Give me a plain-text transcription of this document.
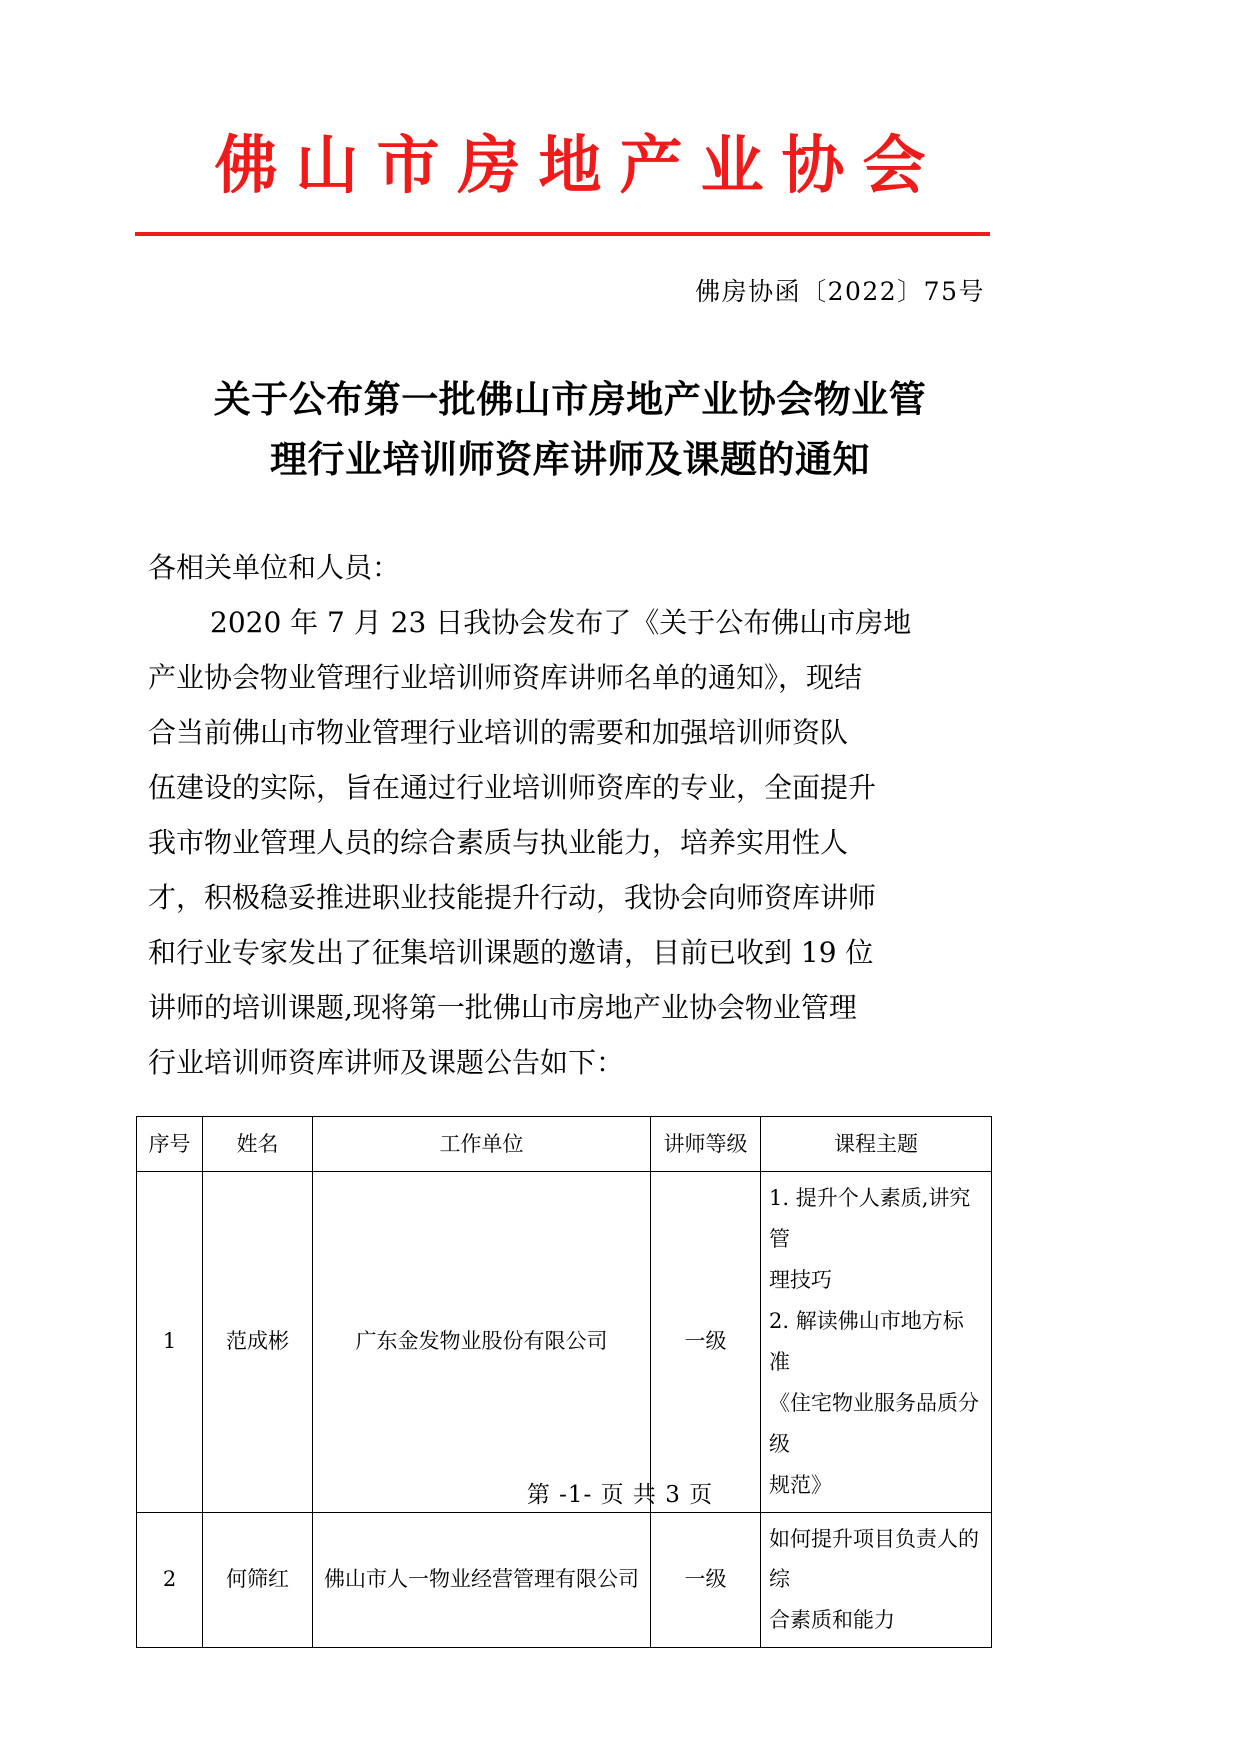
佛山市房地产业协会
佛房协函〔2022〕75号
关于公布第一批佛山市房地产业协会物业管
理行业培训师资库讲师及课题的通知
各相关单位和人员：
2020 年 7 月 23 日我协会发布了《关于公布佛山市房地
产业协会物业管理行业培训师资库讲师名单的通知》，现结
合当前佛山市物业管理行业培训的需要和加强培训师资队
伍建设的实际，旨在通过行业培训师资库的专业，全面提升
我市物业管理人员的综合素质与执业能力，培养实用性人
才，积极稳妥推进职业技能提升行动，我协会向师资库讲师
和行业专家发出了征集培训课题的邀请，目前已收到 19 位
讲师的培训课题,现将第一批佛山市房地产业协会物业管理
行业培训师资库讲师及课题公告如下：
序号	姓名	工作单位	讲师等级	课程主题
1	范成彬	广东金发物业股份有限公司	一级	1. 提升个人素质,讲究管
理技巧
2. 解读佛山市地方标准
《住宅物业服务品质分级
规范》

2	何筛红	佛山市人一物业经营管理有限公司	一级	如何提升项目负责人的综
合素质和能力
第 -1- 页 共 3 页
